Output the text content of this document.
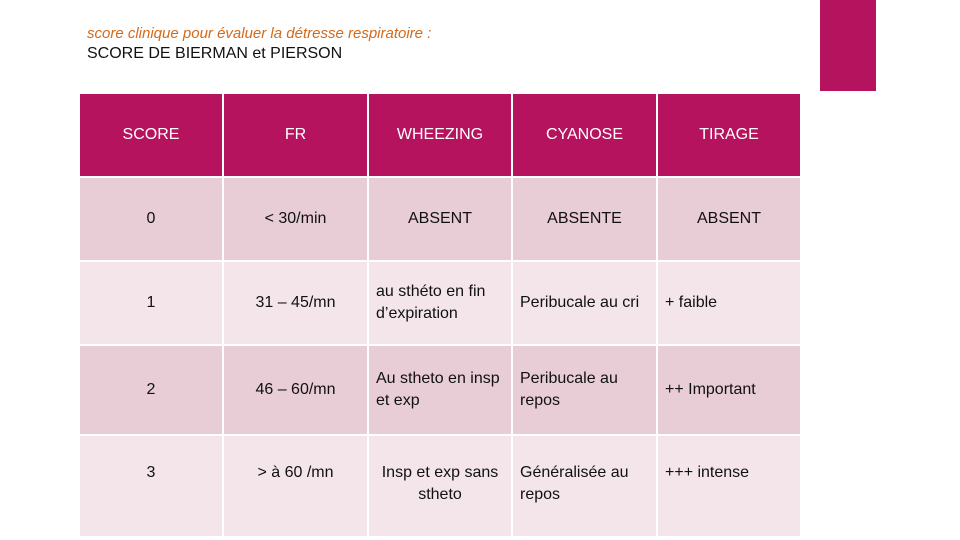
score clinique pour évaluer la détresse respiratoire :
SCORE DE BIERMAN et PIERSON
SCORE	FR	WHEEZING	CYANOSE	TIRAGE
0	< 30/min	ABSENT	ABSENTE	ABSENT
1	31 – 45/mn	au sthéto en fin d’expiration	Peribucale au cri	+ faible
2	46 – 60/mn	Au stheto en insp et exp	Peribucale au repos	++ Important
3	> à 60 /mn	Insp et exp sans stheto	Généralisée au repos	+++ intense
